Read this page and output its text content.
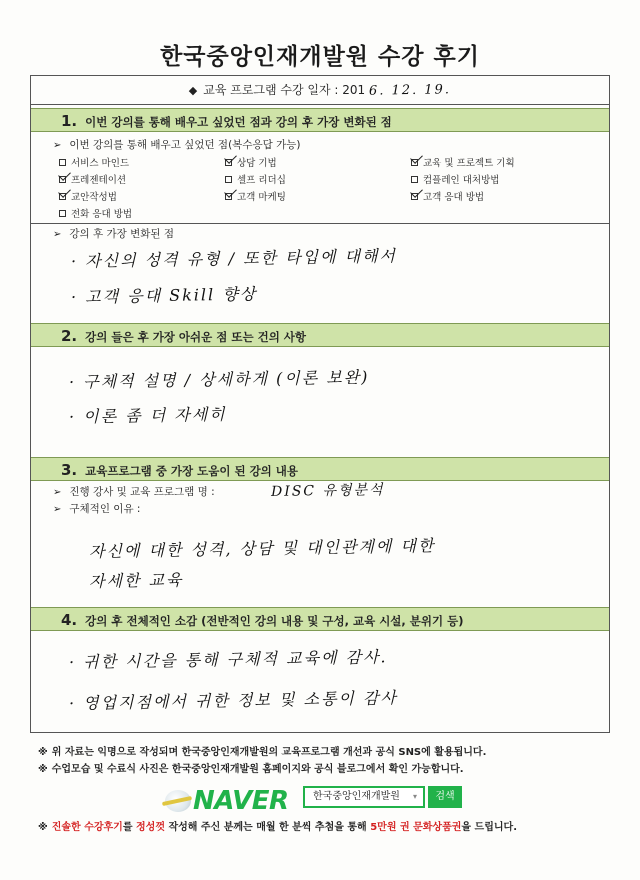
한국중앙인재개발원 수강 후기
◆ 교육 프로그램 수강 일자 : 201 6. 12. 19.
1. 이번 강의를 통해 배우고 싶었던 점과 강의 후 가장 변화된 점
➢ 이번 강의를 통해 배우고 싶었던 점(복수응답 가능)
서비스 마인드	상담 기법	교육 및 프로젝트 기획
프레젠테이션	셀프 리더십	컴플레인 대처방법
교안작성법	고객 마케팅	고객 응대 방법
전화 응대 방법
➢ 강의 후 가장 변화된 점
· 자신의 성격 유형 / 또한 타입에 대해서
· 고객 응대 Skill 향상
2. 강의 들은 후 가장 아쉬운 점 또는 건의 사항
· 구체적 설명 / 상세하게 (이론 보완)
· 이론 좀 더 자세히
3. 교육프로그램 중 가장 도움이 된 강의 내용
➢ 진행 강사 및 교육 프로그램 명 :	DISC 유형분석
➢ 구체적인 이유 :
자신에 대한 성격, 상담 및 대인관계에 대한
자세한 교육
4. 강의 후 전체적인 소감 (전반적인 강의 내용 및 구성, 교육 시설, 분위기 등)
· 귀한 시간을 통해 구체적 교육에 감사.
· 영업지점에서 귀한 정보 및 소통이 감사
※ 위 자료는 익명으로 작성되며 한국중앙인재개발원의 교육프로그램 개선과 공식 SNS에 활용됩니다.
※ 수업모습 및 수료식 사진은 한국중앙인재개발원 홈페이지와 공식 블로그에서 확인 가능합니다.
NAVER	한국중앙인재개발원 ▾	검색
※ 진솔한 수강후기를 정성껏 작성해 주신 분께는 매월 한 분씩 추첨을 통해 5만원 권 문화상품권을 드립니다.
